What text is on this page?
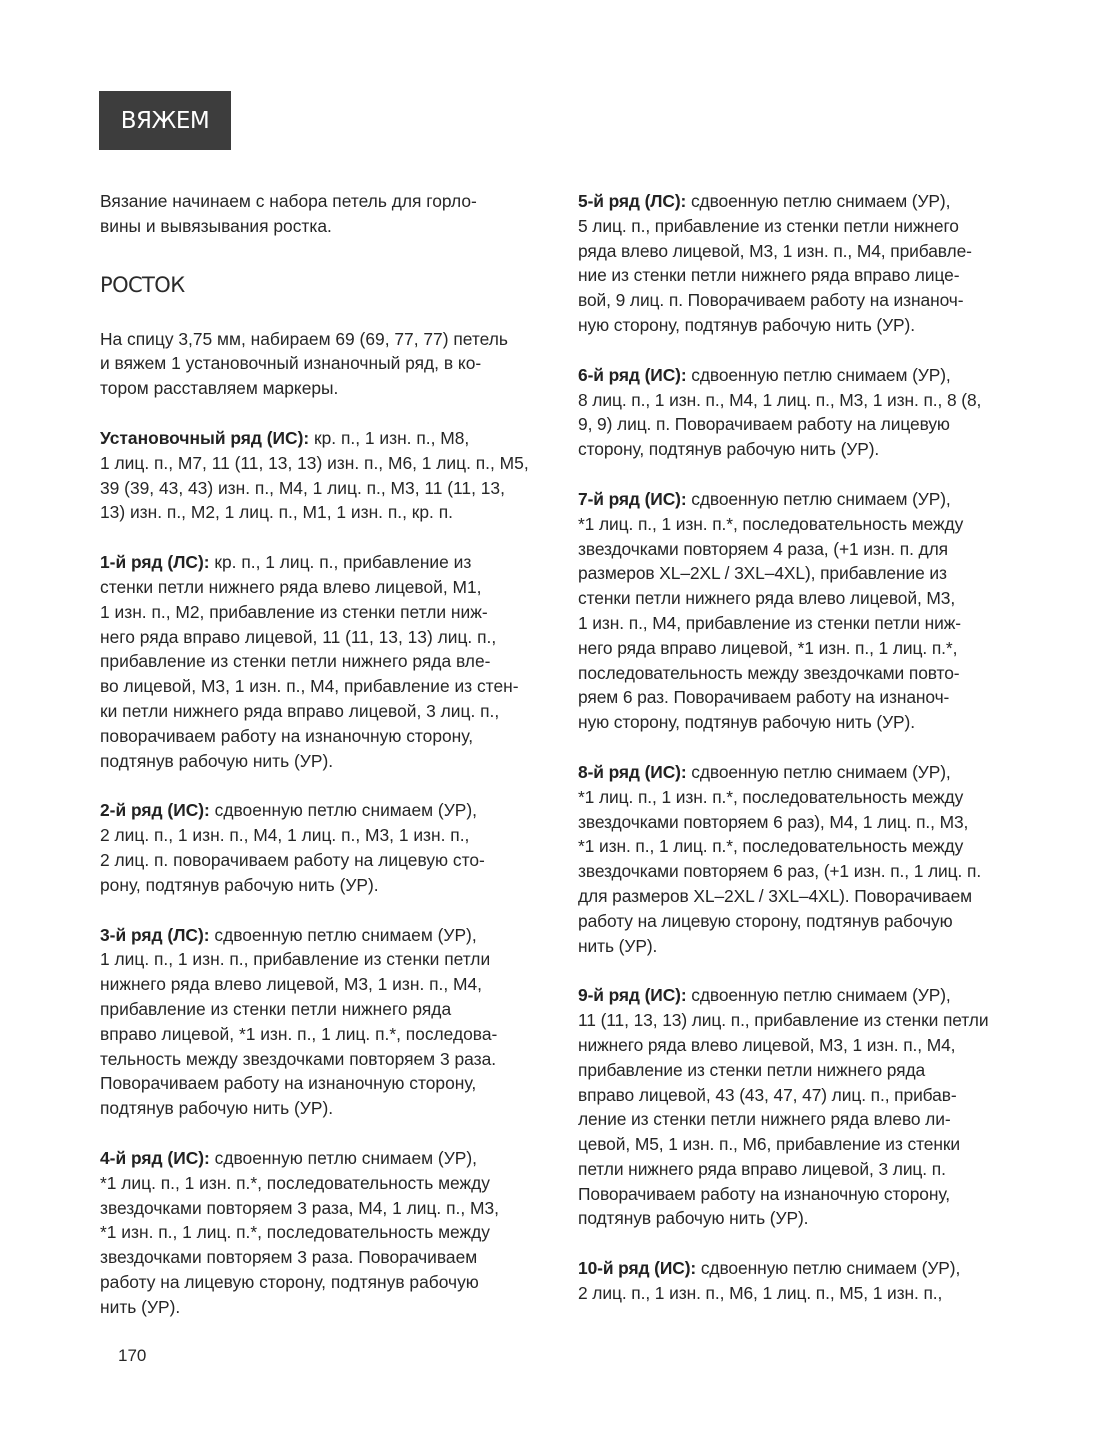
ВЯЖЕМ

Вязание начинаем с набора петель для горло-
вины и вывязывания ростка.

РОСТОК

На спицу 3,75 мм, набираем 69 (69, 77, 77) петель
и вяжем 1 установочный изнаночный ряд, в ко-
тором расставляем маркеры.

Установочный ряд (ИС): кр. п., 1 изн. п., М8,
1 лиц. п., М7, 11 (11, 13, 13) изн. п., М6, 1 лиц. п., М5,
39 (39, 43, 43) изн. п., М4, 1 лиц. п., М3, 11 (11, 13,
13) изн. п., М2, 1 лиц. п., М1, 1 изн. п., кр. п.

1-й ряд (ЛС): кр. п., 1 лиц. п., прибавление из
стенки петли нижнего ряда влево лицевой, М1,
1 изн. п., М2, прибавление из стенки петли ниж-
него ряда вправо лицевой, 11 (11, 13, 13) лиц. п.,
прибавление из стенки петли нижнего ряда вле-
во лицевой, М3, 1 изн. п., М4, прибавление из стен-
ки петли нижнего ряда вправо лицевой, 3 лиц. п.,
поворачиваем работу на изнаночную сторону,
подтянув рабочую нить (УР).

2-й ряд (ИС): сдвоенную петлю снимаем (УР),
2 лиц. п., 1 изн. п., М4, 1 лиц. п., М3, 1 изн. п.,
2 лиц. п. поворачиваем работу на лицевую сто-
рону, подтянув рабочую нить (УР).

3-й ряд (ЛС): сдвоенную петлю снимаем (УР),
1 лиц. п., 1 изн. п., прибавление из стенки петли
нижнего ряда влево лицевой, М3, 1 изн. п., М4,
прибавление из стенки петли нижнего ряда
вправо лицевой, *1 изн. п., 1 лиц. п.*, последова-
тельность между звездочками повторяем 3 раза.
Поворачиваем работу на изнаночную сторону,
подтянув рабочую нить (УР).

4-й ряд (ИС): сдвоенную петлю снимаем (УР),
*1 лиц. п., 1 изн. п.*, последовательность между
звездочками повторяем 3 раза, М4, 1 лиц. п., М3,
*1 изн. п., 1 лиц. п.*, последовательность между
звездочками повторяем 3 раза. Поворачиваем
работу на лицевую сторону, подтянув рабочую
нить (УР).

5-й ряд (ЛС): сдвоенную петлю снимаем (УР),
5 лиц. п., прибавление из стенки петли нижнего
ряда влево лицевой, М3, 1 изн. п., М4, прибавле-
ние из стенки петли нижнего ряда вправо лице-
вой, 9 лиц. п. Поворачиваем работу на изнаноч-
ную сторону, подтянув рабочую нить (УР).

6-й ряд (ИС): сдвоенную петлю снимаем (УР),
8 лиц. п., 1 изн. п., М4, 1 лиц. п., М3, 1 изн. п., 8 (8,
9, 9) лиц. п. Поворачиваем работу на лицевую
сторону, подтянув рабочую нить (УР).

7-й ряд (ИС): сдвоенную петлю снимаем (УР),
*1 лиц. п., 1 изн. п.*, последовательность между
звездочками повторяем 4 раза, (+1 изн. п. для
размеров XL–2XL / 3XL–4XL), прибавление из
стенки петли нижнего ряда влево лицевой, М3,
1 изн. п., М4, прибавление из стенки петли ниж-
него ряда вправо лицевой, *1 изн. п., 1 лиц. п.*,
последовательность между звездочками повто-
ряем 6 раз. Поворачиваем работу на изнаноч-
ную сторону, подтянув рабочую нить (УР).

8-й ряд (ИС): сдвоенную петлю снимаем (УР),
*1 лиц. п., 1 изн. п.*, последовательность между
звездочками повторяем 6 раз), М4, 1 лиц. п., М3,
*1 изн. п., 1 лиц. п.*, последовательность между
звездочками повторяем 6 раз, (+1 изн. п., 1 лиц. п.
для размеров XL–2XL / 3XL–4XL). Поворачиваем
работу на лицевую сторону, подтянув рабочую
нить (УР).

9-й ряд (ИС): сдвоенную петлю снимаем (УР),
11 (11, 13, 13) лиц. п., прибавление из стенки петли
нижнего ряда влево лицевой, М3, 1 изн. п., М4,
прибавление из стенки петли нижнего ряда
вправо лицевой, 43 (43, 47, 47) лиц. п., прибав-
ление из стенки петли нижнего ряда влево ли-
цевой, М5, 1 изн. п., М6, прибавление из стенки
петли нижнего ряда вправо лицевой, 3 лиц. п.
Поворачиваем работу на изнаночную сторону,
подтянув рабочую нить (УР).

10-й ряд (ИС): сдвоенную петлю снимаем (УР),
2 лиц. п., 1 изн. п., М6, 1 лиц. п., М5, 1 изн. п.,

170
